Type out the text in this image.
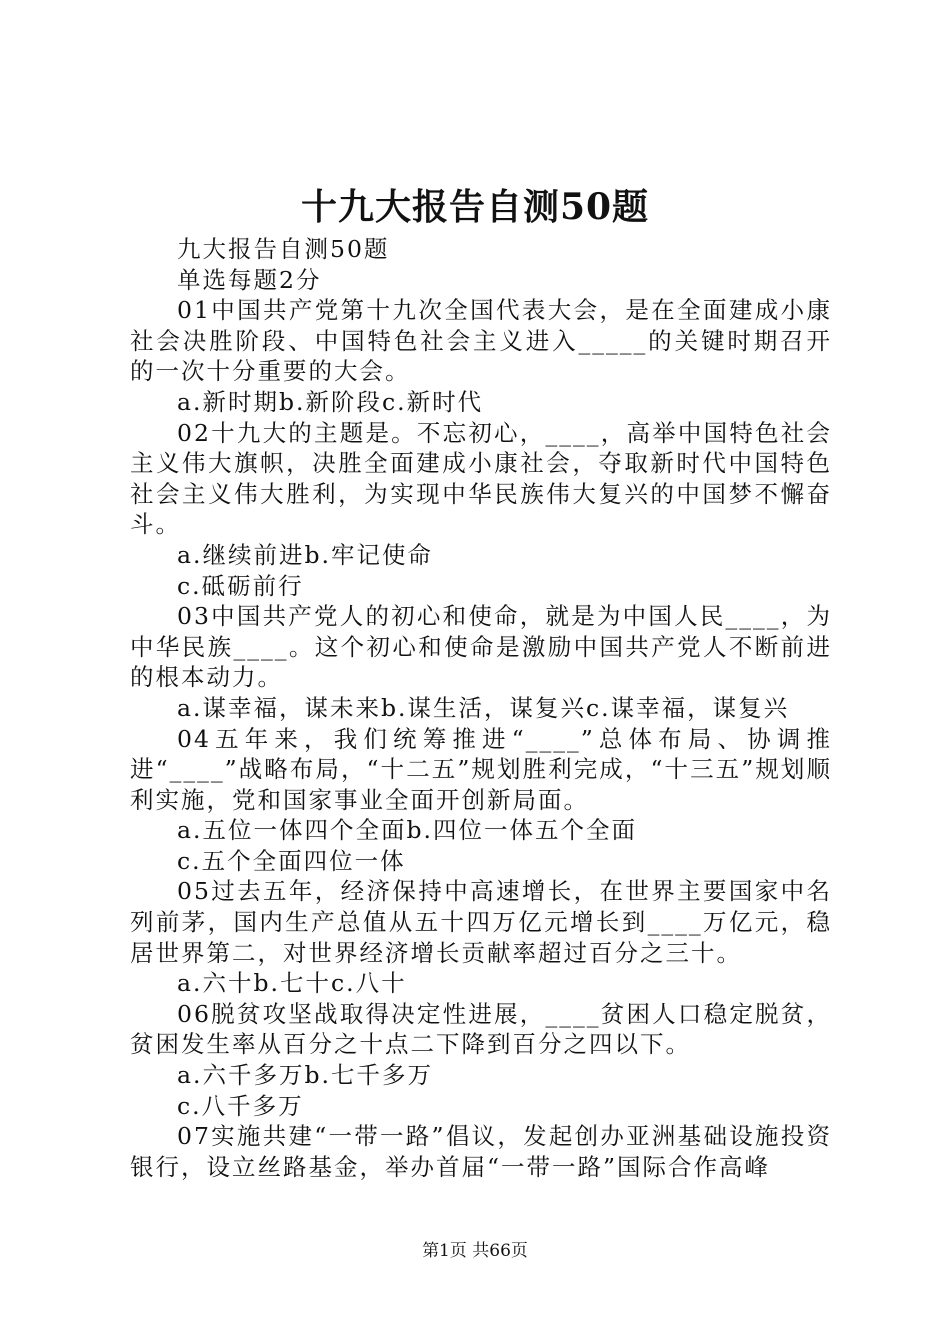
十九大报告自测50题

九大报告自测50题

单选每题2分

01中国共产党第十九次全国代表大会，是在全面建成小康社会决胜阶段、中国特色社会主义进入_____的关键时期召开的一次十分重要的大会。

a.新时期b.新阶段c.新时代

02十九大的主题是。不忘初心，____，高举中国特色社会主义伟大旗帜，决胜全面建成小康社会，夺取新时代中国特色社会主义伟大胜利，为实现中华民族伟大复兴的中国梦不懈奋斗。

a.继续前进b.牢记使命

c.砥砺前行

03中国共产党人的初心和使命，就是为中国人民____，为中华民族____。这个初心和使命是激励中国共产党人不断前进的根本动力。

a.谋幸福，谋未来b.谋生活，谋复兴c.谋幸福，谋复兴

04五年来，我们统筹推进“____”总体布局、协调推进“____”战略布局，“十二五”规划胜利完成，“十三五”规划顺利实施，党和国家事业全面开创新局面。

a.五位一体四个全面b.四位一体五个全面

c.五个全面四位一体

05过去五年，经济保持中高速增长，在世界主要国家中名列前茅，国内生产总值从五十四万亿元增长到____万亿元，稳居世界第二，对世界经济增长贡献率超过百分之三十。

a.六十b.七十c.八十

06脱贫攻坚战取得决定性进展，____贫困人口稳定脱贫，贫困发生率从百分之十点二下降到百分之四以下。

a.六千多万b.七千多万

c.八千多万

07实施共建“一带一路”倡议，发起创办亚洲基础设施投资银行，设立丝路基金，举办首届“一带一路”国际合作高峰

第1页 共66页
